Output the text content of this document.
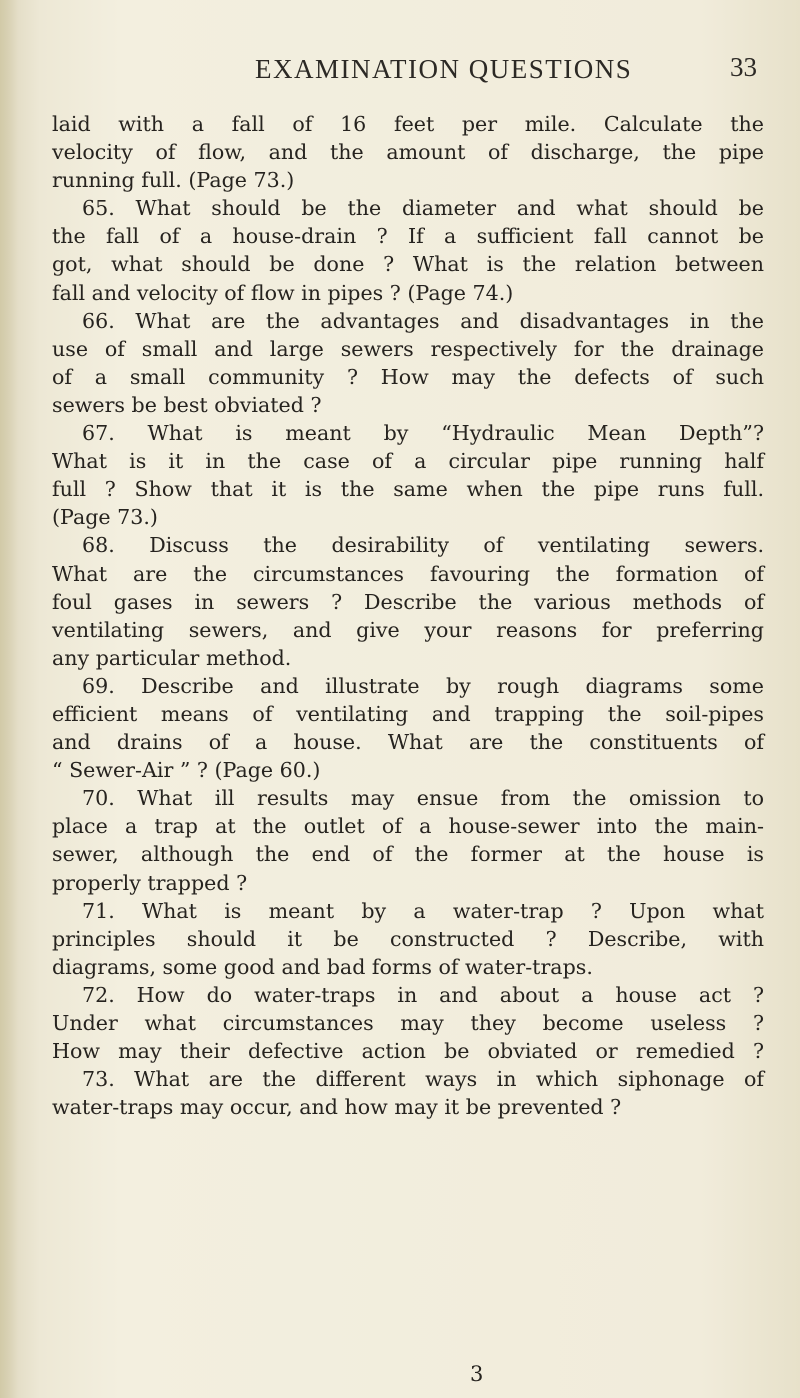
EXAMINATION QUESTIONS	33
laid with a fall of 16 feet per mile. Calculate the
velocity of flow, and the amount of discharge, the pipe
running full. (Page 73.)
65. What should be the diameter and what should be
the fall of a house-drain ? If a sufficient fall cannot be
got, what should be done ? What is the relation between
fall and velocity of flow in pipes ? (Page 74.)
66. What are the advantages and disadvantages in the
use of small and large sewers respectively for the drainage
of a small community ? How may the defects of such
sewers be best obviated ?
67. What is meant by “Hydraulic Mean Depth”?
What is it in the case of a circular pipe running half
full ? Show that it is the same when the pipe runs full.
(Page 73.)
68. Discuss the desirability of ventilating sewers.
What are the circumstances favouring the formation of
foul gases in sewers ? Describe the various methods of
ventilating sewers, and give your reasons for preferring
any particular method.
69. Describe and illustrate by rough diagrams some
efficient means of ventilating and trapping the soil-pipes
and drains of a house. What are the constituents of
“ Sewer-Air ” ? (Page 60.)
70. What ill results may ensue from the omission to
place a trap at the outlet of a house-sewer into the main-
sewer, although the end of the former at the house is
properly trapped ?
71. What is meant by a water-trap ? Upon what
principles should it be constructed ? Describe, with
diagrams, some good and bad forms of water-traps.
72. How do water-traps in and about a house act ?
Under what circumstances may they become useless ?
How may their defective action be obviated or remedied ?
73. What are the different ways in which siphonage of
water-traps may occur, and how may it be prevented ?
3
